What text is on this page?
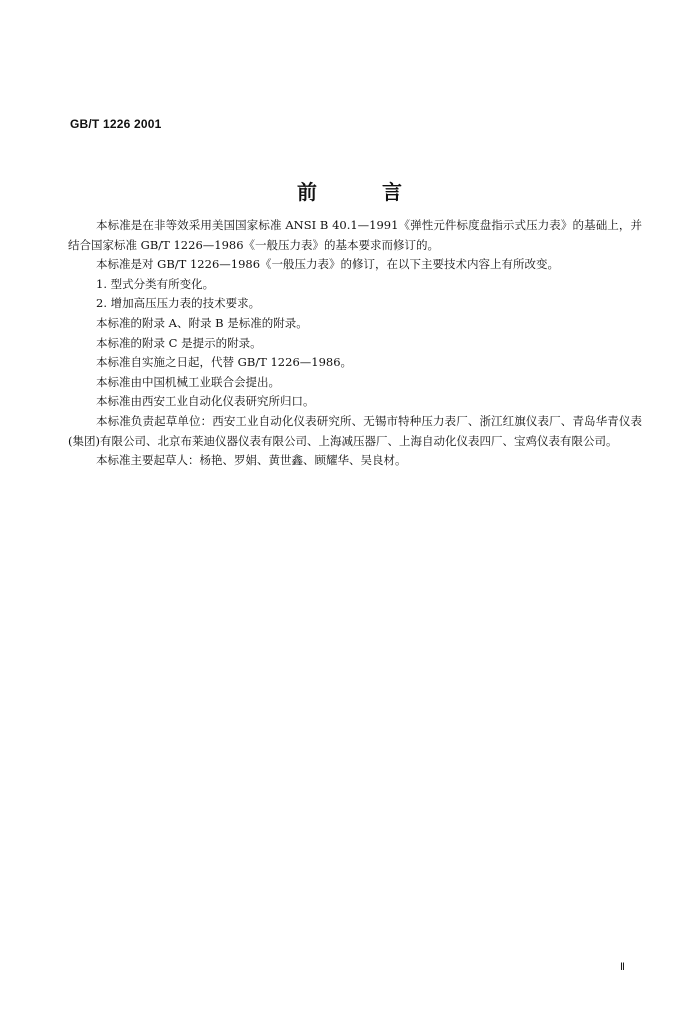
GB/T 1226 2001
前 言

本标准是在非等效采用美国国家标准 ANSI B 40.1—1991《弹性元件标度盘指示式压力表》的基础上，并结合国家标准 GB/T 1226—1986《一般压力表》的基本要求而修订的。

本标准是对 GB/T 1226—1986《一般压力表》的修订，在以下主要技术内容上有所改变。

1. 型式分类有所变化。

2. 增加高压压力表的技术要求。

本标准的附录 A、附录 B 是标准的附录。

本标准的附录 C 是提示的附录。

本标准自实施之日起，代替 GB/T 1226—1986。

本标准由中国机械工业联合会提出。

本标准由西安工业自动化仪表研究所归口。

本标准负责起草单位：西安工业自动化仪表研究所、无锡市特种压力表厂、浙江红旗仪表厂、青岛华青仪表(集团)有限公司、北京布莱迪仪器仪表有限公司、上海减压器厂、上海自动化仪表四厂、宝鸡仪表有限公司。

本标准主要起草人：杨艳、罗娟、黄世鑫、顾耀华、吴良材。

Ⅱ
